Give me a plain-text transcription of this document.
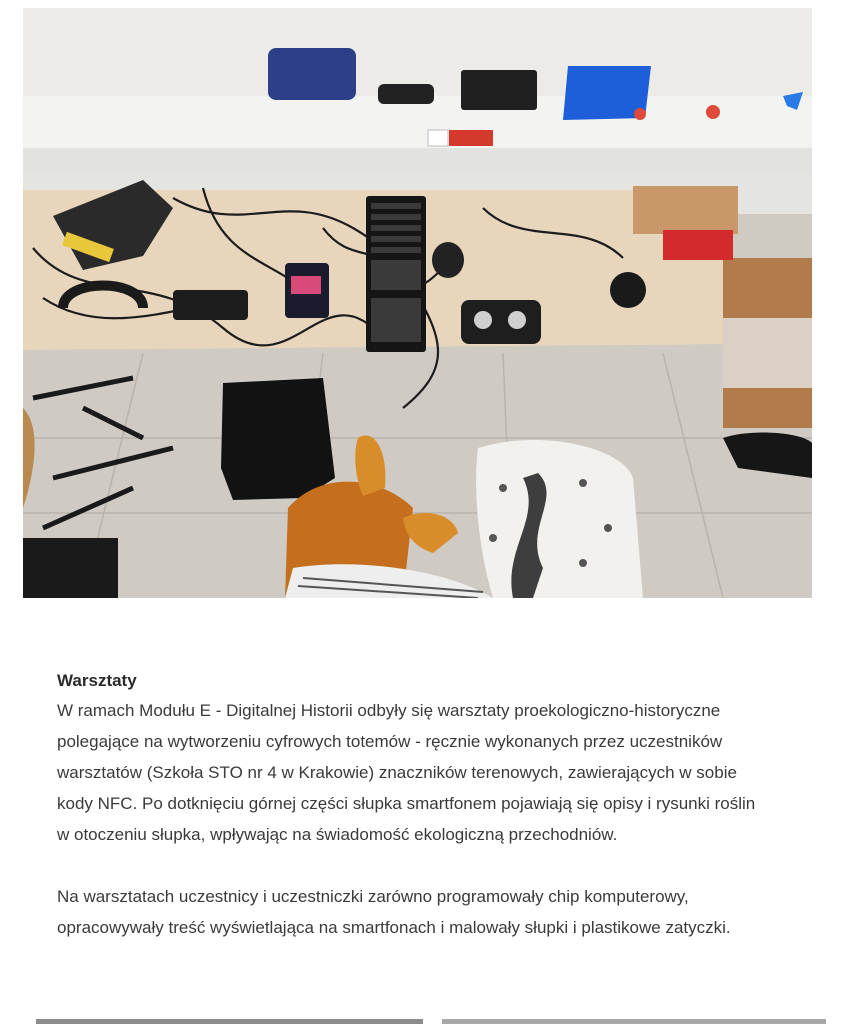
Warsztaty

W ramach Modułu E - Digitalnej Historii odbyły się warsztaty proekologiczno-historyczne
polegające na wytworzeniu cyfrowych totemów - ręcznie wykonanych przez uczestników
warsztatów (Szkoła STO nr 4 w Krakowie) znaczników terenowych, zawierających w sobie
kody NFC. Po dotknięciu górnej części słupka smartfonem pojawiają się opisy i rysunki roślin
w otoczeniu słupka, wpływając na świadomość ekologiczną przechodniów.

Na warsztatach uczestnicy i uczestniczki zarówno programowały chip komputerowy,
opracowywały treść wyświetlająca na smartfonach i malowały słupki i plastikowe zatyczki.
